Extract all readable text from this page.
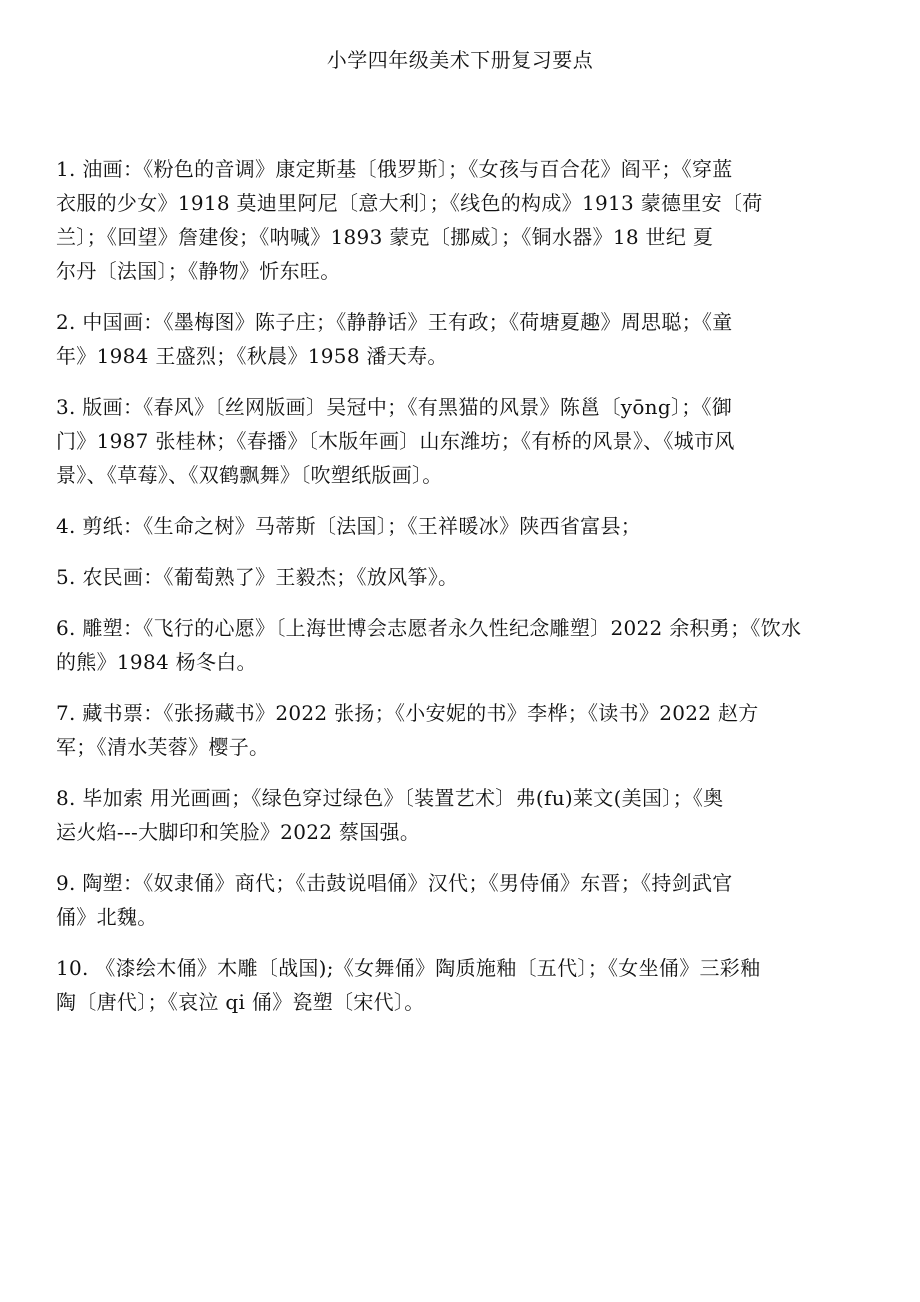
小学四年级美术下册复习要点
1. 油画：《粉色的音调》康定斯基〔俄罗斯〕；《女孩与百合花》阎平；《穿蓝
衣服的少女》1918 莫迪里阿尼〔意大利〕；《线色的构成》1913 蒙德里安〔荷
兰〕；《回望》詹建俊；《呐喊》1893 蒙克〔挪威〕；《铜水器》18 世纪 夏
尔丹〔法国〕；《静物》忻东旺。
2. 中国画：《墨梅图》陈子庄；《静静话》王有政；《荷塘夏趣》周思聪；《童
年》1984 王盛烈；《秋晨》1958 潘天寿。
3. 版画：《春风》〔丝网版画〕吴冠中；《有黑猫的风景》陈邕〔yōng〕；《御
门》1987 张桂林；《春播》〔木版年画〕山东潍坊；《有桥的风景》、《城市风
景》、《草莓》、《双鹤飘舞》〔吹塑纸版画〕。
4. 剪纸：《生命之树》马蒂斯〔法国〕；《王祥暖冰》陕西省富县；
5. 农民画：《葡萄熟了》王毅杰；《放风筝》。
6. 雕塑：《飞行的心愿》〔上海世博会志愿者永久性纪念雕塑〕2022 余积勇；《饮水
的熊》1984 杨冬白。
7. 藏书票：《张扬藏书》2022 张扬；《小安妮的书》李桦；《读书》2022 赵方
军；《清水芙蓉》樱子。
8. 毕加索 用光画画；《绿色穿过绿色》〔装置艺术〕弗(fu)莱文(美国〕；《奥
运火焰---大脚印和笑脸》2022 蔡国强。
9. 陶塑：《奴隶俑》商代；《击鼓说唱俑》汉代；《男侍俑》东晋；《持剑武官
俑》北魏。
10. 《漆绘木俑》木雕〔战国);《女舞俑》陶质施釉〔五代〕；《女坐俑》三彩釉
陶〔唐代〕；《哀泣 qi 俑》瓷塑〔宋代〕。
